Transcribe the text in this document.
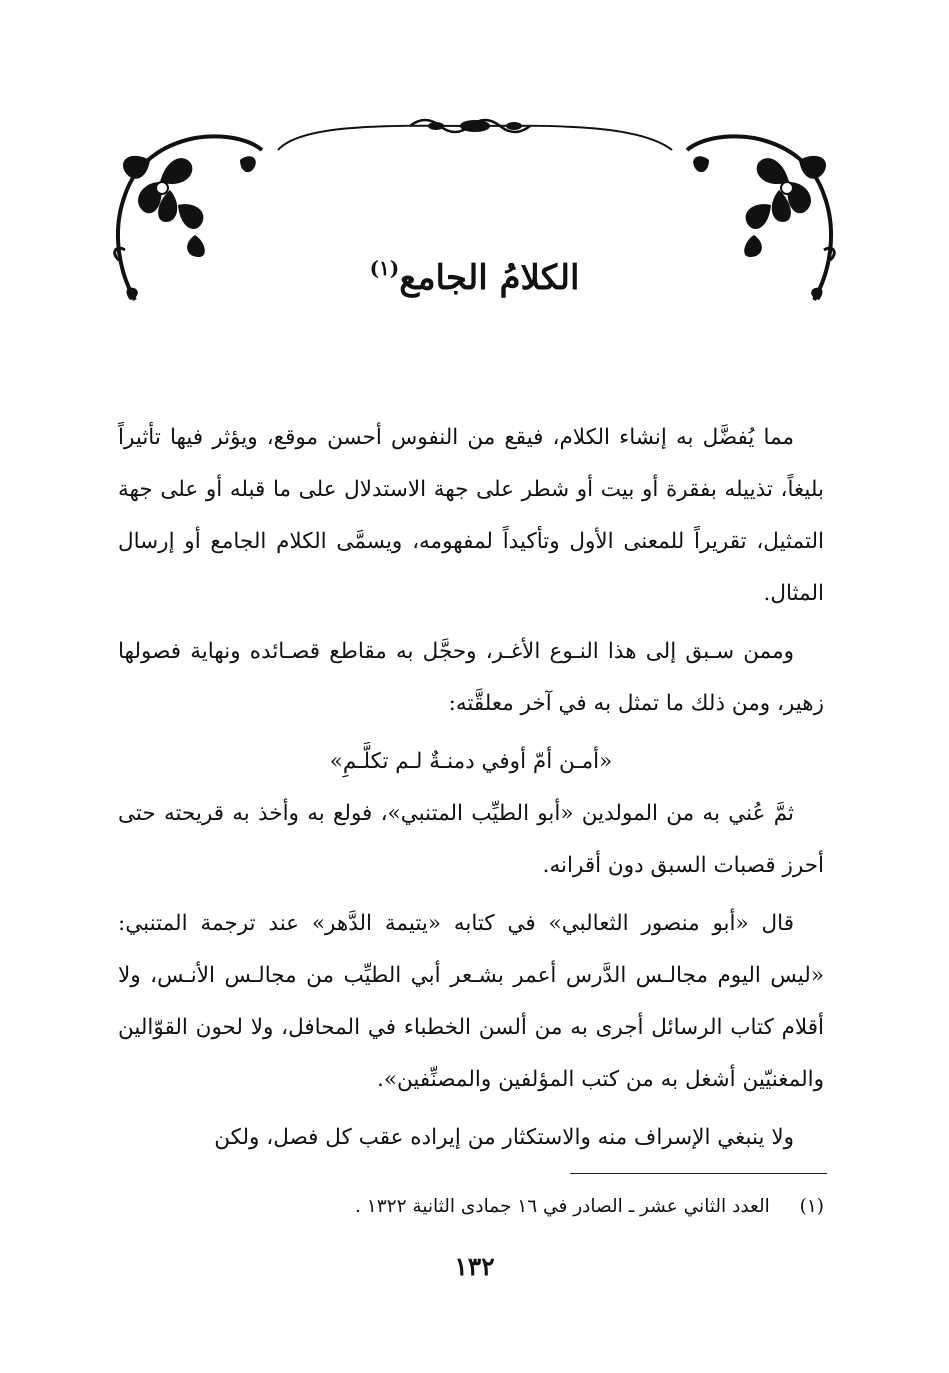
الكلامُ الجامع$^{(١)}$

مما يُفضَّل به إنشاء الكلام، فيقع من النفوس أحسن موقع، ويؤثر فيها تأثيراً بليغاً، تذييله بفقرة أو بيت أو شطر على جهة الاستدلال على ما قبله أو على جهة التمثيل، تقريراً للمعنى الأول وتأكيداً لمفهومه، ويسمَّى الكلام الجامع أو إرسال المثال.

وممن سـبق إلى هذا النـوع الأغـر، وحجَّل به مقاطع قصـائده ونهاية فصولها زهير، ومن ذلك ما تمثل به في آخر معلقَّته:

«أمـن أمّ أوفي دمنـةٌ لـم تكلَّـمِ»

ثمَّ عُني به من المولدين «أبو الطيِّب المتنبي»، فولع به وأخذ به قريحته حتى أحرز قصبات السبق دون أقرانه.

قال «أبو منصور الثعالبي» في كتابه «يتيمة الدَّهر» عند ترجمة المتنبي: «ليس اليوم مجالـس الدَّرس أعمر بشـعر أبي الطيِّب من مجالـس الأنـس، ولا أقلام كتاب الرسائل أجرى به من ألسن الخطباء في المحافل، ولا لحون القوّالين والمغنيّين أشغل به من كتب المؤلفين والمصنِّفين».

ولا ينبغي الإسراف منه والاستكثار من إيراده عقب كل فصل، ولكن

(١) العدد الثاني عشر ـ الصادر في ١٦ جمادى الثانية ١٣٢٢ .
١٣٢
